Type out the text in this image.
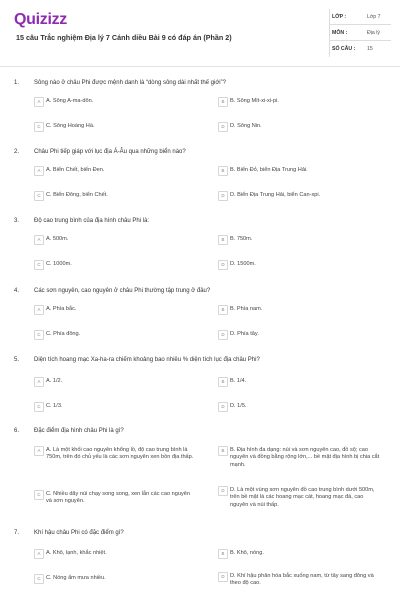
Quizizz
15 câu Trắc nghiệm Địa lý 7 Cánh diều Bài 9 có đáp án (Phần 2)
LỚP :	Lớp 7
MÔN :	Địa lý
SỐ CÂU : 15
1. Sông nào ở châu Phi được mệnh danh là “dòng sông dài nhất thế giới”?
A A. Sông A-ma-dôn.	B B. Sông Mít-xi-xi-pi.
C C. Sông Hoàng Hà.	D D. Sông Nin.
2. Châu Phi tiếp giáp với lục địa Á-Âu qua những biển nào?
A A. Biển Chết, biển Đen.	B B. Biển Đỏ, biển Địa Trung Hải.
C C. Biển Đông, biển Chết.	D D. Biển Địa Trung Hải, biển Can-xpi.
3. Độ cao trung bình của địa hình châu Phi là:
A A. 500m.	B B. 750m.
C C. 1000m.	D D. 1500m.
4. Các sơn nguyên, cao nguyên ở châu Phi thường tập trung ở đâu?
A A. Phía bắc.	B B. Phía nam.
C C. Phía đông.	D D. Phía tây.
5. Diện tích hoang mạc Xa-ha-ra chiếm khoảng bao nhiêu % diện tích lục địa châu Phi?
A A. 1/2.	B B. 1/4.
C C. 1/3.	D D. 1/5.
6. Đặc điểm địa hình châu Phi là gì?
A A. Là một khối cao nguyên khổng lồ, độ cao trung bình là 750m, trên đó chủ yếu là các sơn nguyên xen bồn địa thấp.
B B. Địa hình đa dạng: núi và sơn nguyên cao, đồ sộ; cao nguyên và đồng bằng rộng lớn,... bề mặt địa hình bị chia cắt mạnh.
C C. Nhiều dãy núi chạy song song, xen lẫn các cao nguyên và sơn nguyên.
D D. Là một vùng sơn nguyên đồ cao trung bình dưới 500m, trên bề mặt là các hoang mạc cát, hoang mạc đá, cao nguyên và núi thấp.
7. Khí hậu châu Phi có đặc điểm gì?
A A. Khô, lạnh, khắc nhiệt.	B B. Khô, nóng.
C C. Nóng ẩm mưa nhiều.	D D. Khí hậu phân hóa bắc xuống nam, từ tây sang đông và theo độ cao.
